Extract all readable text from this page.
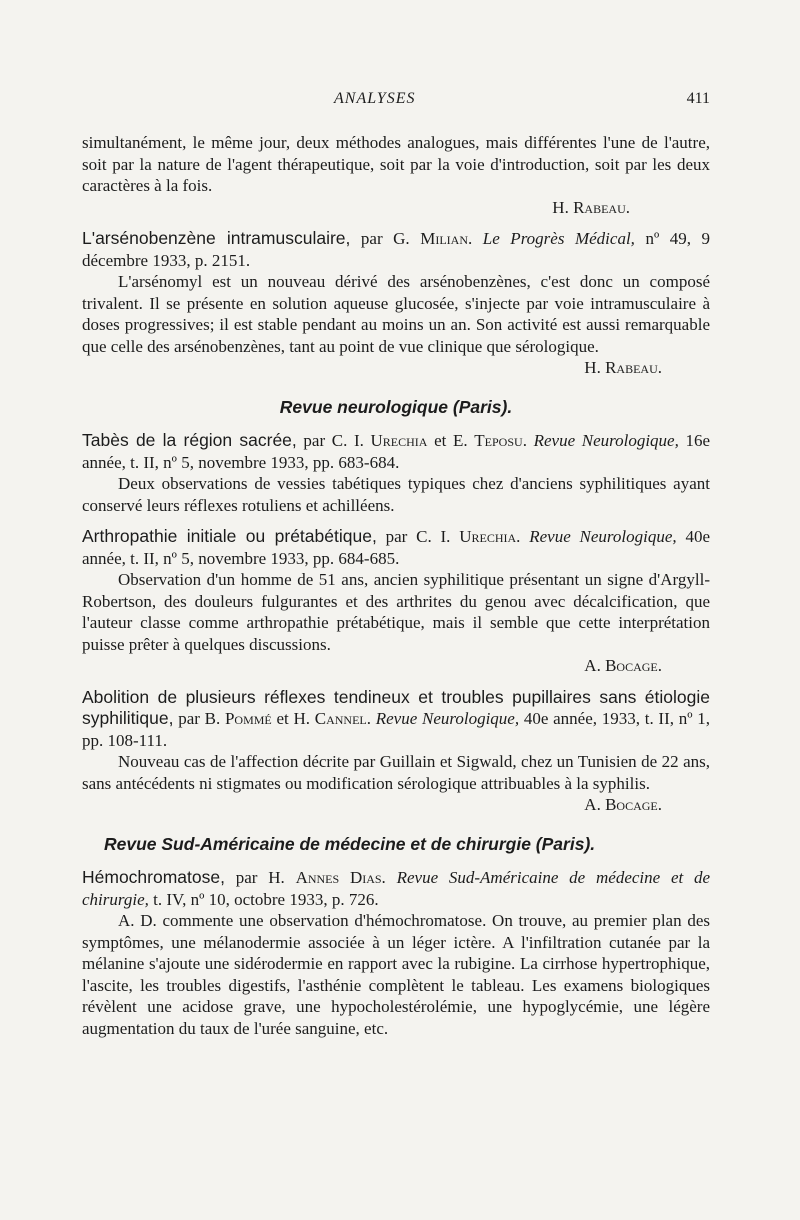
ANALYSES	411

simultanément, le même jour, deux méthodes analogues, mais différentes l'une de l'autre, soit par la nature de l'agent thérapeutique, soit par la voie d'introduction, soit par les deux caractères à la fois.

H. Rabeau.

L'arsénobenzène intramusculaire, par G. Milian. Le Progrès Médical, nº 49, 9 décembre 1933, p. 2151.

L'arsénomyl est un nouveau dérivé des arsénobenzènes, c'est donc un composé trivalent. Il se présente en solution aqueuse glucosée, s'injecte par voie intramusculaire à doses progressives; il est stable pendant au moins un an. Son activité est aussi remarquable que celle des arsénobenzènes, tant au point de vue clinique que sérologique.

H. Rabeau.

Revue neurologique (Paris).

Tabès de la région sacrée, par C. I. Urechia et E. Teposu. Revue Neurologique, 16e année, t. II, nº 5, novembre 1933, pp. 683-684.

Deux observations de vessies tabétiques typiques chez d'anciens syphilitiques ayant conservé leurs réflexes rotuliens et achilléens.

Arthropathie initiale ou prétabétique, par C. I. Urechia. Revue Neurologique, 40e année, t. II, nº 5, novembre 1933, pp. 684-685.

Observation d'un homme de 51 ans, ancien syphilitique présentant un signe d'Argyll-Robertson, des douleurs fulgurantes et des arthrites du genou avec décalcification, que l'auteur classe comme arthropathie prétabétique, mais il semble que cette interprétation puisse prêter à quelques discussions.

A. Bocage.

Abolition de plusieurs réflexes tendineux et troubles pupillaires sans étiologie syphilitique, par B. Pommé et H. Cannel. Revue Neurologique, 40e année, 1933, t. II, nº 1, pp. 108-111.

Nouveau cas de l'affection décrite par Guillain et Sigwald, chez un Tunisien de 22 ans, sans antécédents ni stigmates ou modification sérologique attribuables à la syphilis.

A. Bocage.

Revue Sud-Américaine de médecine et de chirurgie (Paris).

Hémochromatose, par H. Annes Dias. Revue Sud-Américaine de médecine et de chirurgie, t. IV, nº 10, octobre 1933, p. 726.

A. D. commente une observation d'hémochromatose. On trouve, au premier plan des symptômes, une mélanodermie associée à un léger ictère. A l'infiltration cutanée par la mélanine s'ajoute une sidérodermie en rapport avec la rubigine. La cirrhose hypertrophique, l'ascite, les troubles digestifs, l'asthénie complètent le tableau. Les examens biologiques révèlent une acidose grave, une hypocholestérolémie, une hypoglycémie, une légère augmentation du taux de l'urée sanguine, etc.
